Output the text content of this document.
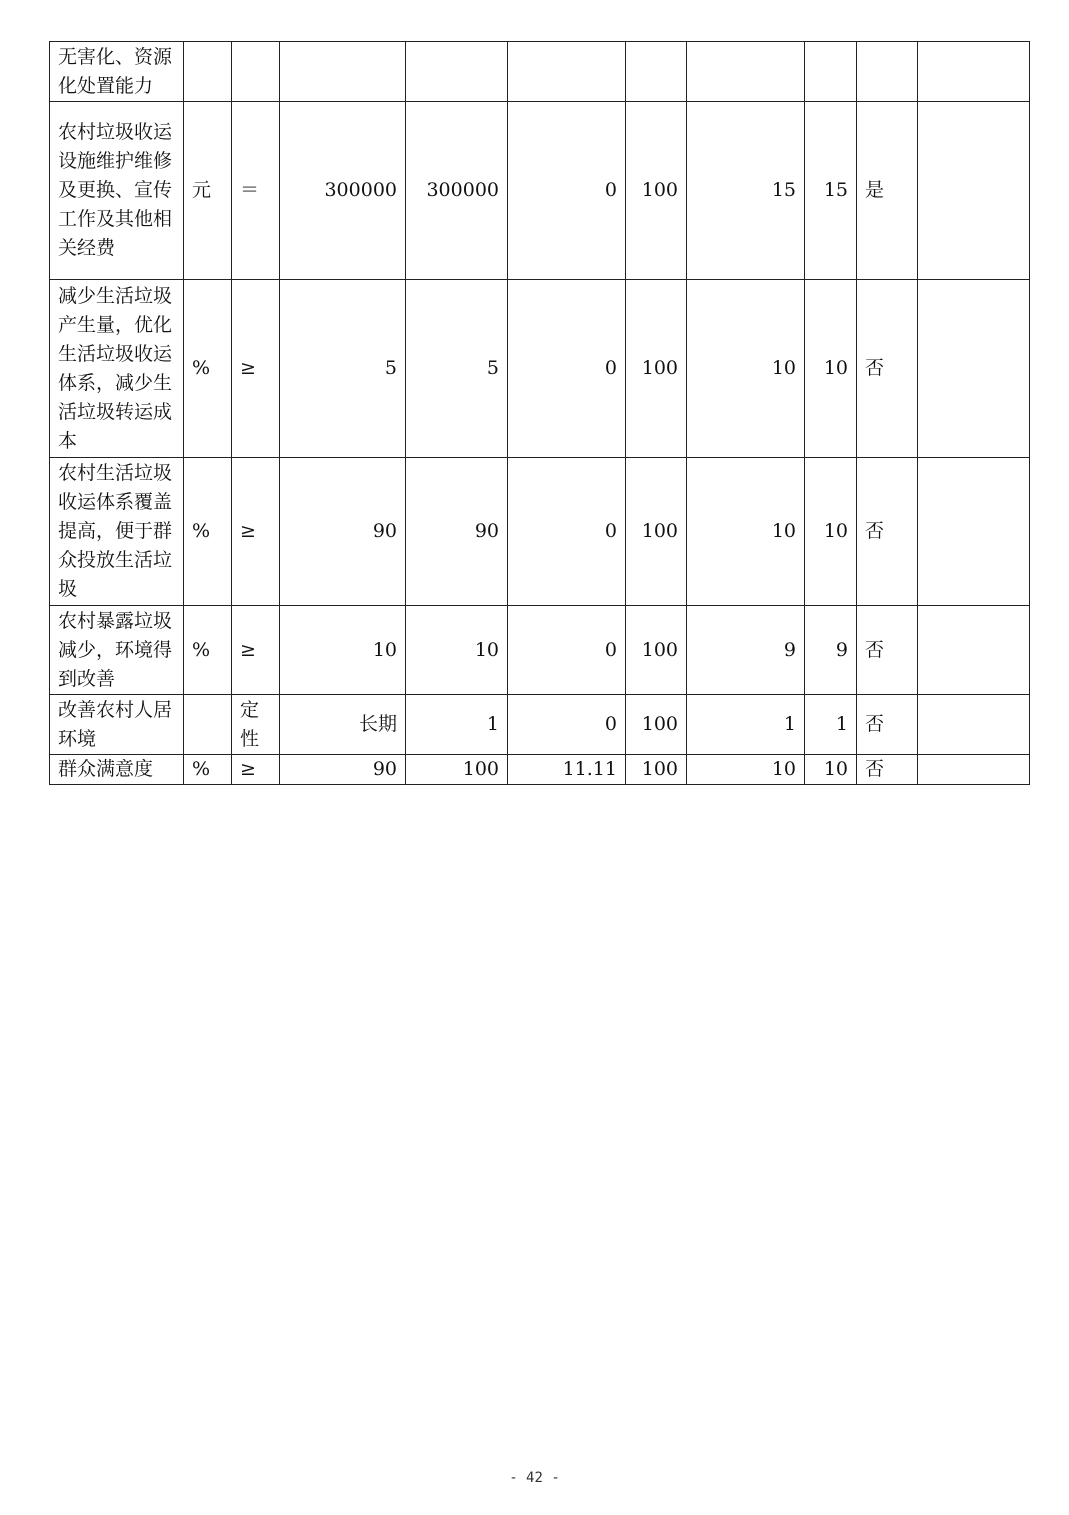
无害化、资源化处置能力										
农村垃圾收运设施维护维修及更换、宣传工作及其他相关经费	元	＝	300000	300000	0	100	15	15	是	
减少生活垃圾产生量，优化生活垃圾收运体系，减少生活垃圾转运成本	%	≥	5	5	0	100	10	10	否	
农村生活垃圾收运体系覆盖提高，便于群众投放生活垃圾	%	≥	90	90	0	100	10	10	否	
农村暴露垃圾减少，环境得到改善	%	≥	10	10	0	100	9	9	否	
改善农村人居环境		定性	长期	1	0	100	1	1	否	
群众满意度	%	≥	90	100	11.11	100	10	10	否	
- 42 -
